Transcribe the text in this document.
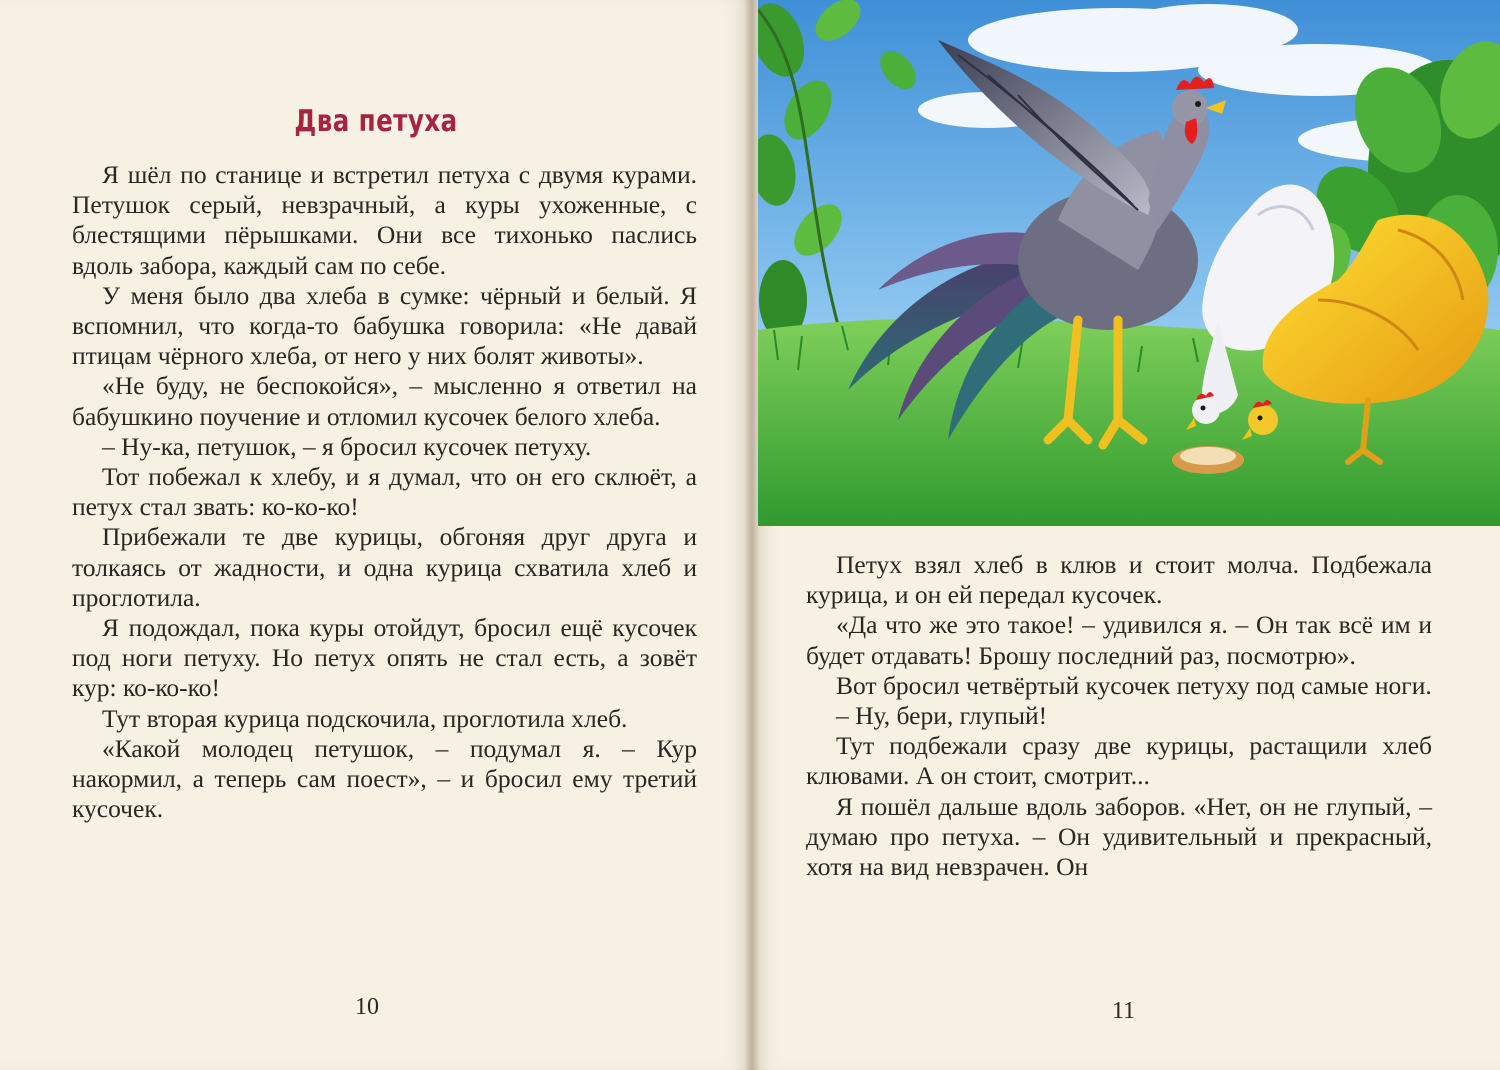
Два петуха

Я шёл по станице и встретил петуха с двумя курами. Петушок серый, невзрачный, а куры ухоженные, с блестящими пёрышками. Они все тихонько паслись вдоль забора, каждый сам по себе.

У меня было два хлеба в сумке: чёрный и белый. Я вспомнил, что когда-то бабушка говорила: «Не давай птицам чёрного хлеба, от него у них болят животы».

«Не буду, не беспокойся», – мысленно я ответил на бабушкино поучение и отломил кусочек белого хлеба.

– Ну-ка, петушок, – я бросил кусочек петуху.

Тот побежал к хлебу, и я думал, что он его склюёт, а петух стал звать: ко-ко-ко!

Прибежали те две курицы, обгоняя друг друга и толкаясь от жадности, и одна курица схватила хлеб и проглотила.

Я подождал, пока куры отойдут, бросил ещё кусочек под ноги петуху. Но петух опять не стал есть, а зовёт кур: ко-ко-ко!

Тут вторая курица подскочила, проглотила хлеб.

«Какой молодец петушок, – подумал я. – Кур накормил, а теперь сам поест», – и бросил ему третий кусочек.

10	11

Петух взял хлеб в клюв и стоит молча. Подбежала курица, и он ей передал кусочек.

«Да что же это такое! – удивился я. – Он так всё им и будет отдавать! Брошу последний раз, посмотрю».

Вот бросил четвёртый кусочек петуху под самые ноги.

– Ну, бери, глупый!

Тут подбежали сразу две курицы, растащили хлеб клювами. А он стоит, смотрит...

Я пошёл дальше вдоль заборов. «Нет, он не глупый, – думаю про петуха. – Он удивительный и прекрасный, хотя на вид невзрачен. Он
